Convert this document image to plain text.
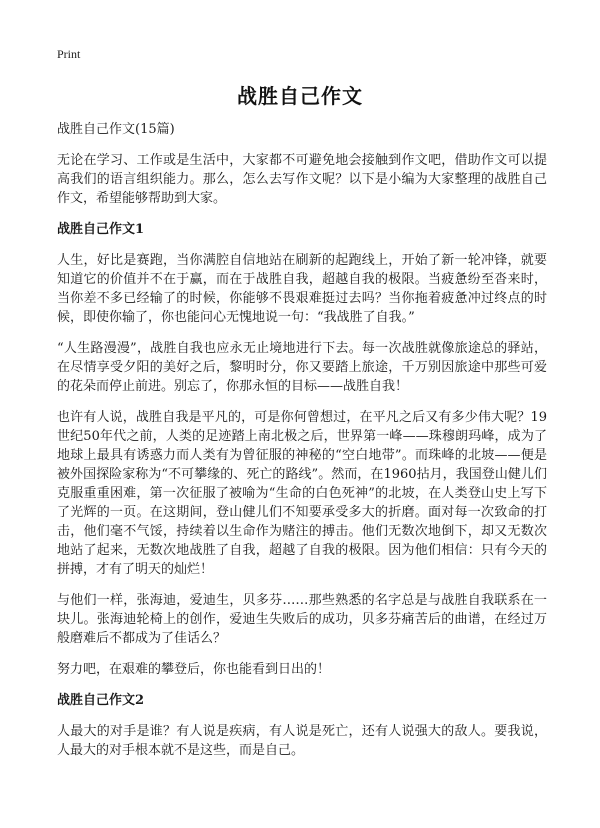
Print
战胜自己作文

战胜自己作文(15篇)

无论在学习、工作或是生活中，大家都不可避免地会接触到作文吧，借助作文可以提高我们的语言组织能力。那么，怎么去写作文呢？以下是小编为大家整理的战胜自己作文，希望能够帮助到大家。

战胜自己作文1

人生，好比是赛跑，当你满腔自信地站在刷新的起跑线上，开始了新一轮冲锋，就要知道它的价值并不在于赢，而在于战胜自我，超越自我的极限。当疲惫纷至沓来时，当你差不多已经输了的时候，你能够不畏艰难挺过去吗？当你拖着疲惫冲过终点的时候，即使你输了，你也能问心无愧地说一句：“我战胜了自我。”

“人生路漫漫”，战胜自我也应永无止境地进行下去。每一次战胜就像旅途总的驿站，在尽情享受夕阳的美好之后，黎明时分，你又要踏上旅途，千万别因旅途中那些可爱的花朵而停止前进。别忘了，你那永恒的目标——战胜自我！

也许有人说，战胜自我是平凡的，可是你何曾想过，在平凡之后又有多少伟大呢？19世纪50年代之前，人类的足迹踏上南北极之后，世界第一峰——珠穆朗玛峰，成为了地球上最具有诱惑力而人类有为曾征服的神秘的“空白地带”。而珠峰的北坡——便是被外国探险家称为“不可攀缘的、死亡的路线”。然而，在1960拈月，我国登山健儿们克服重重困难，第一次征服了被喻为“生命的白色死神”的北坡，在人类登山史上写下了光辉的一页。在这期间，登山健儿们不知要承受多大的折磨。面对每一次致命的打击，他们毫不气馁，持续着以生命作为赌注的搏击。他们无数次地倒下，却又无数次地站了起来，无数次地战胜了自我，超越了自我的极限。因为他们相信：只有今天的拼搏，才有了明天的灿烂！

与他们一样，张海迪，爱迪生，贝多芬……那些熟悉的名字总是与战胜自我联系在一块儿。张海迪轮椅上的创作，爱迪生失败后的成功，贝多芬痛苦后的曲谱，在经过万般磨难后不都成为了佳话么？

努力吧，在艰难的攀登后，你也能看到日出的！

战胜自己作文2

人最大的对手是谁？有人说是疾病，有人说是死亡，还有人说强大的敌人。要我说，人最大的对手根本就不是这些，而是自己。
